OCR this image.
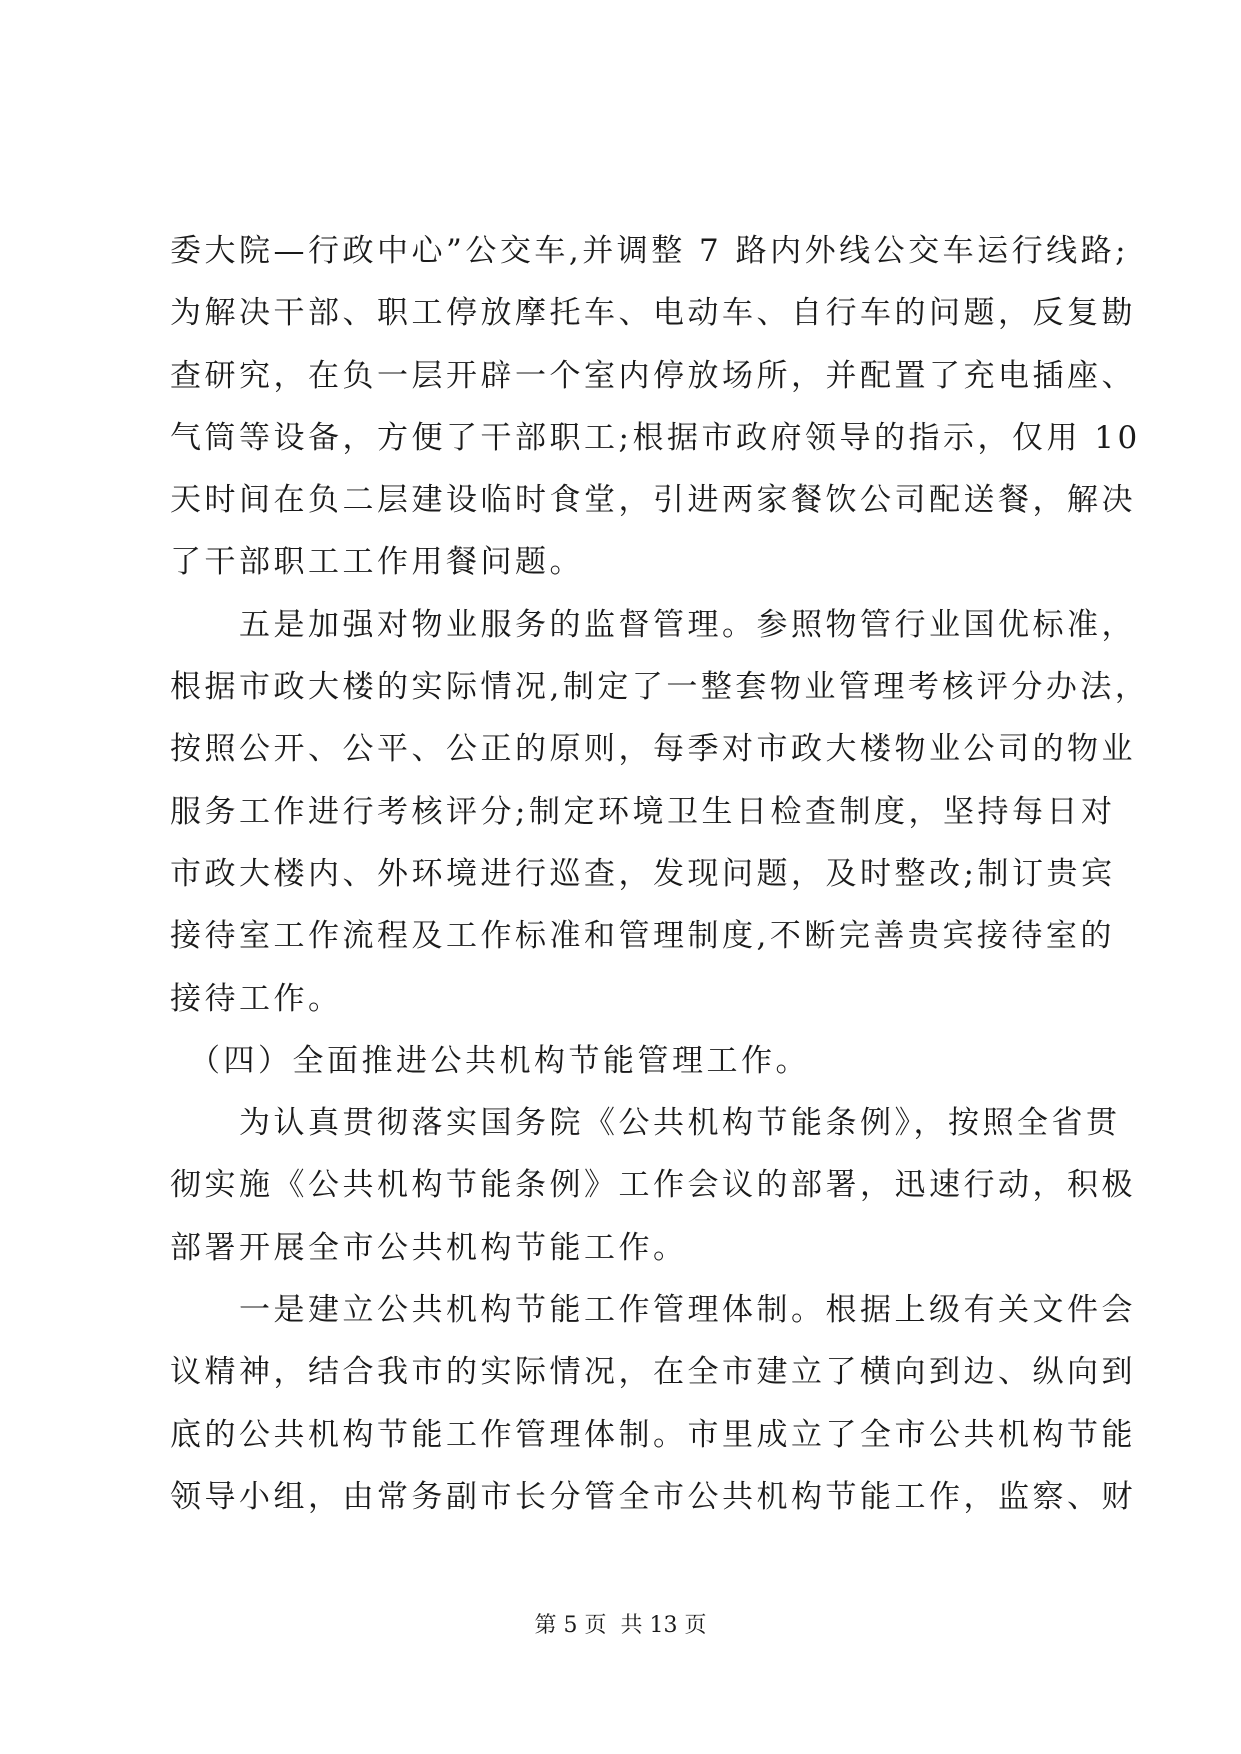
委大院—行政中心”公交车,并调整 7 路内外线公交车运行线路;
为解决干部、职工停放摩托车、电动车、自行车的问题，反复勘
查研究，在负一层开辟一个室内停放场所，并配置了充电插座、
气筒等设备，方便了干部职工;根据市政府领导的指示，仅用 10
天时间在负二层建设临时食堂，引进两家餐饮公司配送餐，解决
了干部职工工作用餐问题。
　　五是加强对物业服务的监督管理。参照物管行业国优标准，
根据市政大楼的实际情况,制定了一整套物业管理考核评分办法，
按照公开、公平、公正的原则，每季对市政大楼物业公司的物业
服务工作进行考核评分;制定环境卫生日检查制度，坚持每日对
市政大楼内、外环境进行巡查，发现问题，及时整改;制订贵宾
接待室工作流程及工作标准和管理制度,不断完善贵宾接待室的
接待工作。
　（四）全面推进公共机构节能管理工作。
　　为认真贯彻落实国务院《公共机构节能条例》，按照全省贯
彻实施《公共机构节能条例》工作会议的部署，迅速行动，积极
部署开展全市公共机构节能工作。
　　一是建立公共机构节能工作管理体制。根据上级有关文件会
议精神，结合我市的实际情况，在全市建立了横向到边、纵向到
底的公共机构节能工作管理体制。市里成立了全市公共机构节能
领导小组，由常务副市长分管全市公共机构节能工作，监察、财
第 5 页  共 13 页
